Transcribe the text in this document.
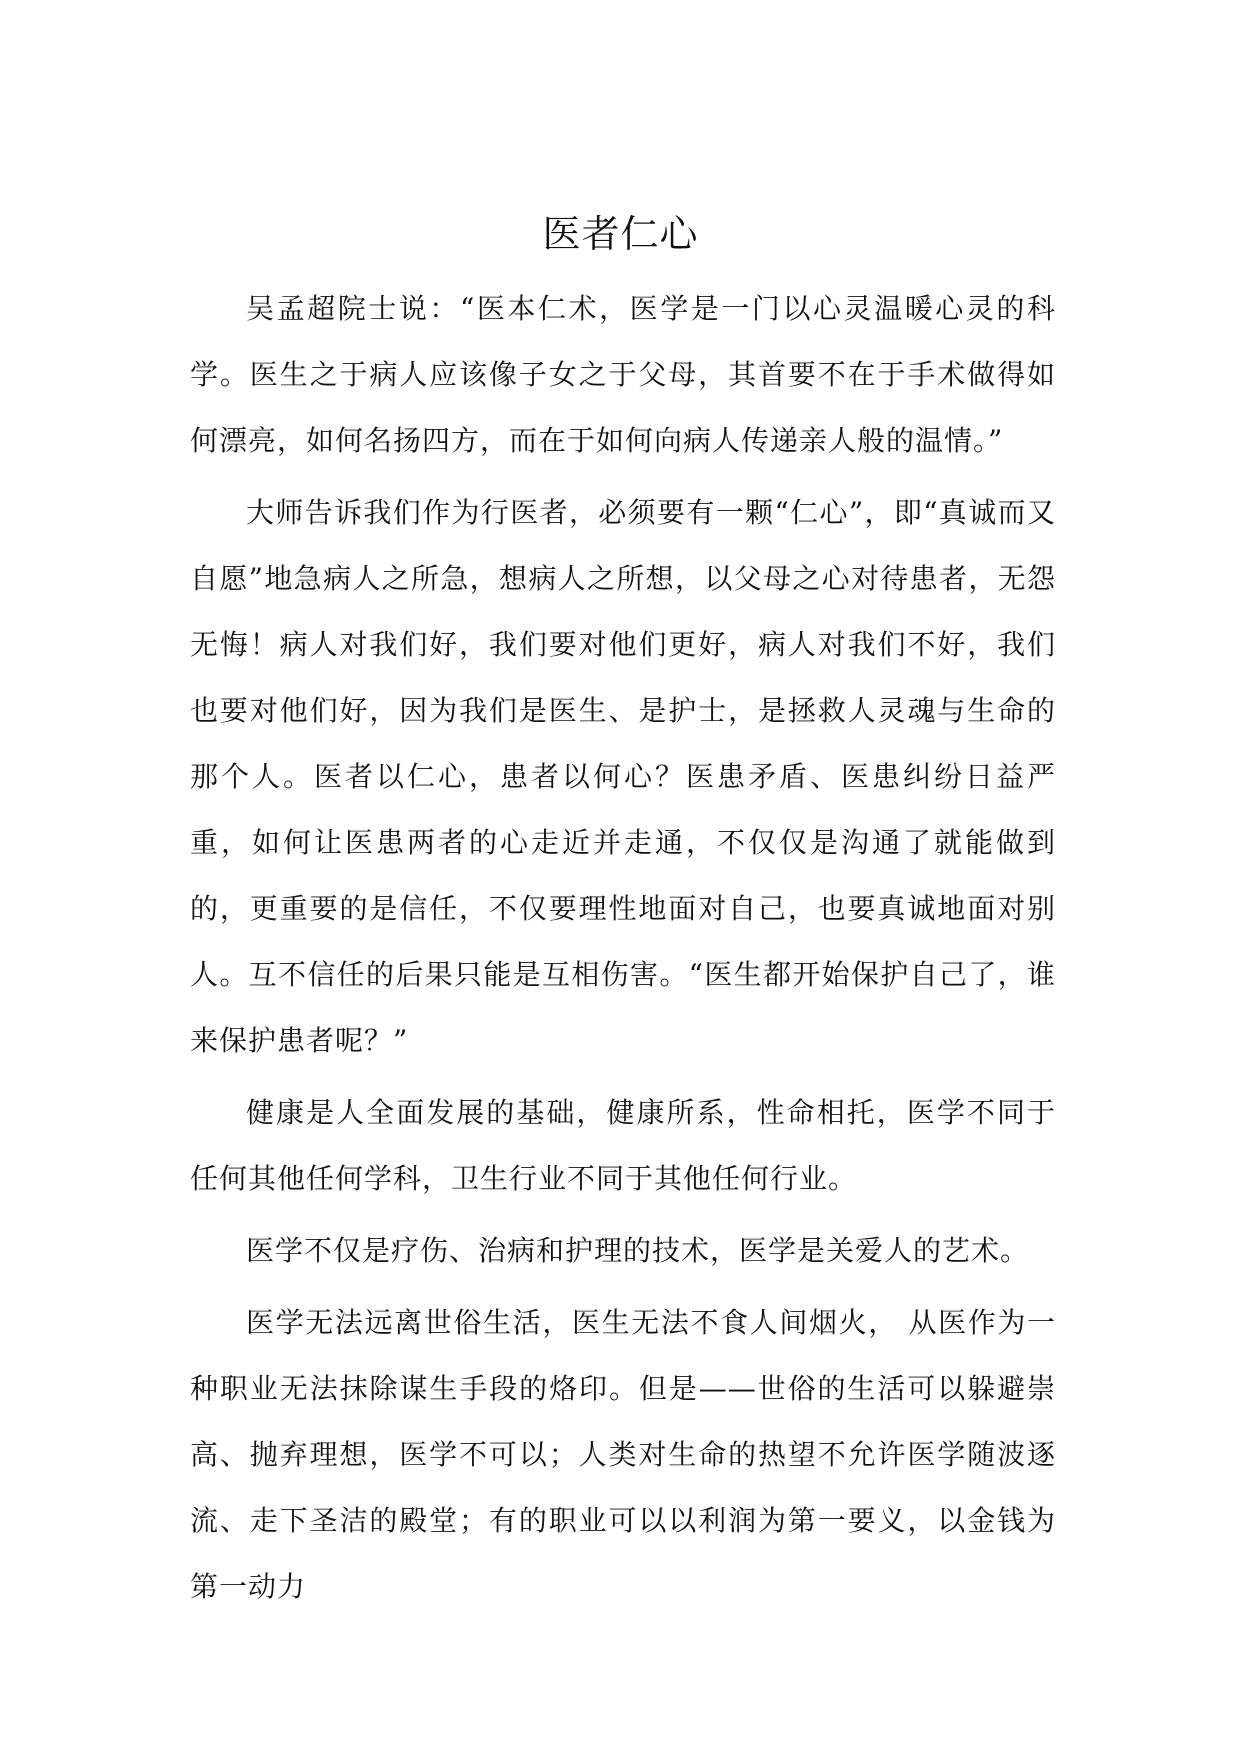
医者仁心

吴孟超院士说：“医本仁术，医学是一门以心灵温暖心灵的科学。医生之于病人应该像子女之于父母，其首要不在于手术做得如何漂亮，如何名扬四方，而在于如何向病人传递亲人般的温情。”

大师告诉我们作为行医者，必须要有一颗“仁心”，即“真诚而又自愿”地急病人之所急，想病人之所想，以父母之心对待患者，无怨无悔！病人对我们好，我们要对他们更好，病人对我们不好，我们也要对他们好，因为我们是医生、是护士，是拯救人灵魂与生命的那个人。医者以仁心，患者以何心？医患矛盾、医患纠纷日益严重，如何让医患两者的心走近并走通，不仅仅是沟通了就能做到的，更重要的是信任，不仅要理性地面对自己，也要真诚地面对别人。互不信任的后果只能是互相伤害。“医生都开始保护自己了，谁来保护患者呢？”

健康是人全面发展的基础，健康所系，性命相托，医学不同于任何其他任何学科，卫生行业不同于其他任何行业。

医学不仅是疗伤、治病和护理的技术，医学是关爱人的艺术。

医学无法远离世俗生活，医生无法不食人间烟火， 从医作为一种职业无法抹除谋生手段的烙印。但是——世俗的生活可以躲避崇高、抛弃理想，医学不可以；人类对生命的热望不允许医学随波逐流、走下圣洁的殿堂；有的职业可以以利润为第一要义，以金钱为第一动力
